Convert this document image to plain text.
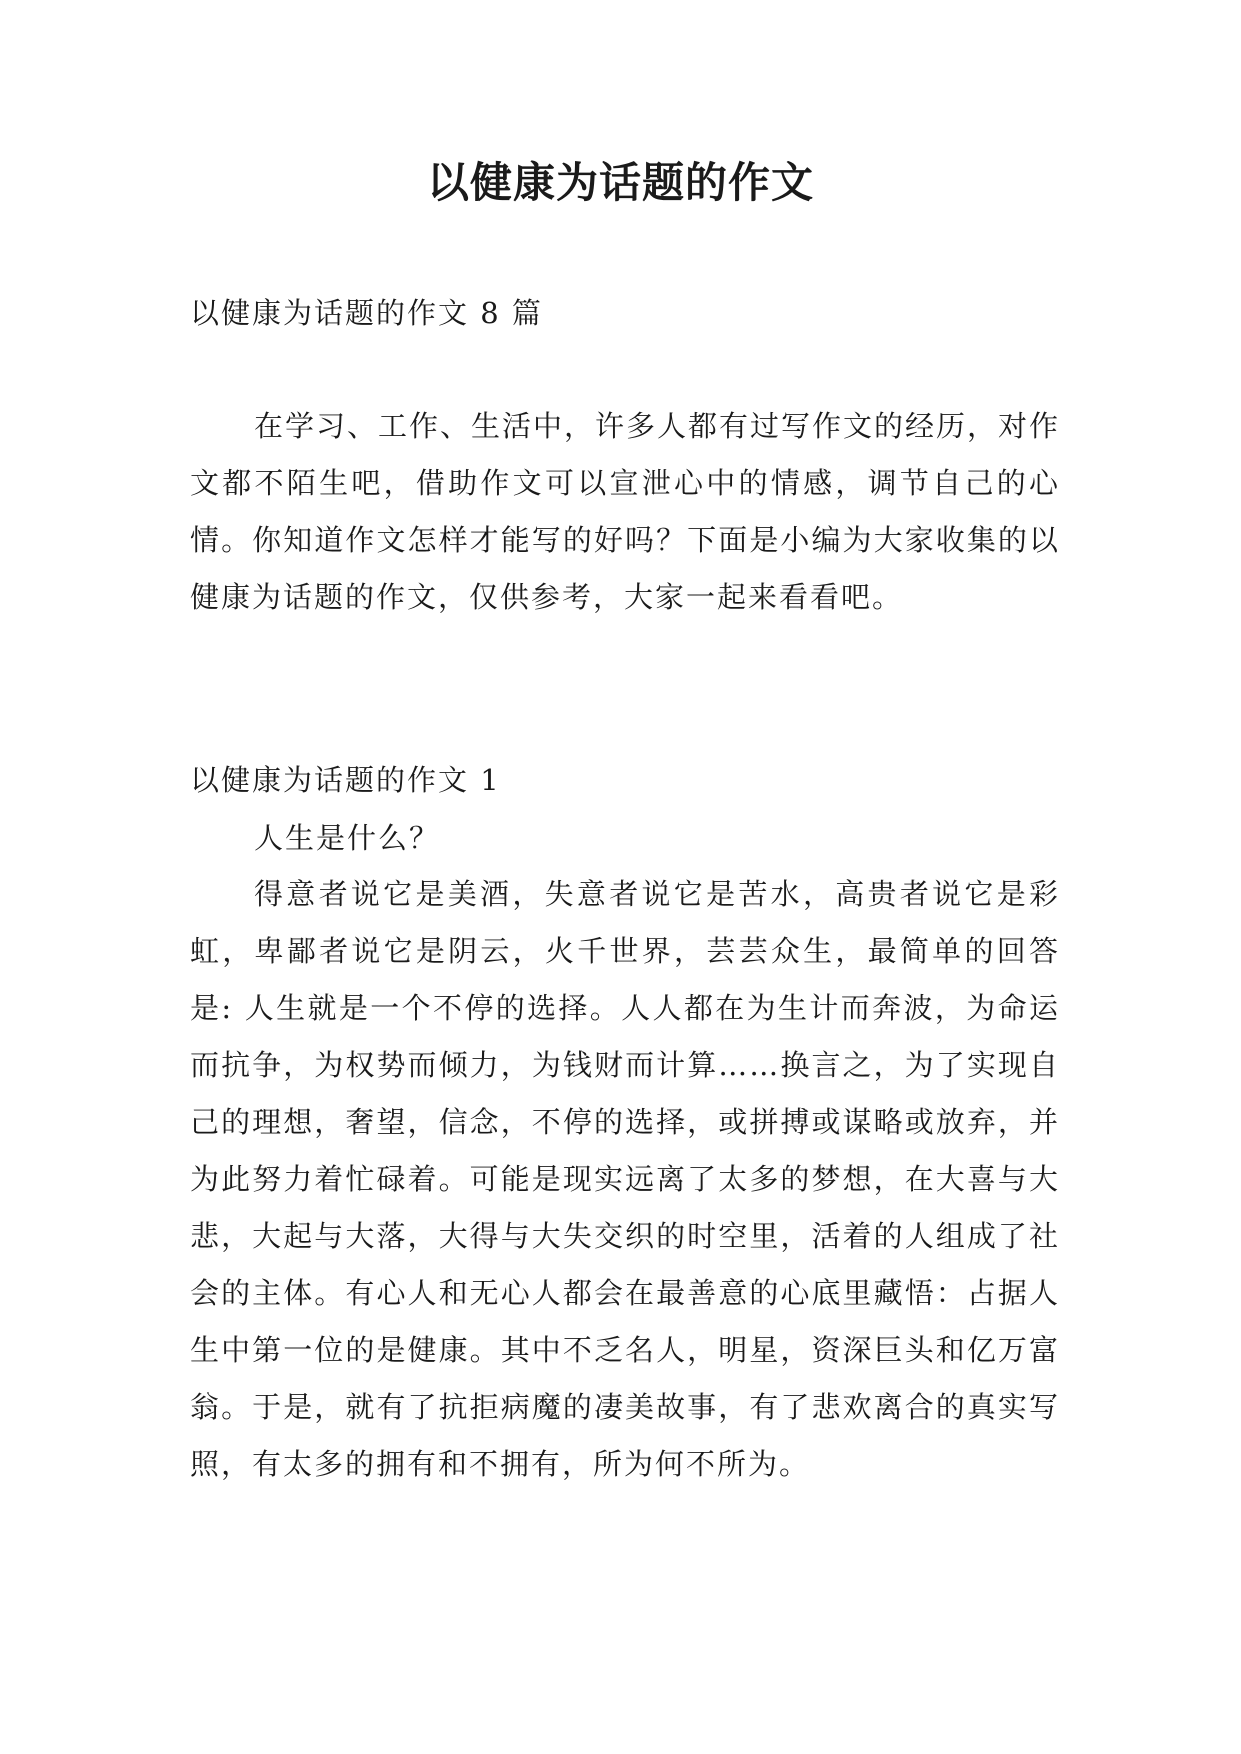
以健康为话题的作文

以健康为话题的作文 8 篇

在学习、工作、生活中，许多人都有过写作文的经历，对作文都不陌生吧，借助作文可以宣泄心中的情感，调节自己的心情。你知道作文怎样才能写的好吗？下面是小编为大家收集的以健康为话题的作文，仅供参考，大家一起来看看吧。

以健康为话题的作文 1

人生是什么？

得意者说它是美酒，失意者说它是苦水，高贵者说它是彩虹，卑鄙者说它是阴云，火千世界，芸芸众生，最简单的回答是: 人生就是一个不停的选择。人人都在为生计而奔波，为命运而抗争，为权势而倾力，为钱财而计算……换言之，为了实现自己的理想，奢望，信念，不停的选择，或拼搏或谋略或放弃，并为此努力着忙碌着。可能是现实远离了太多的梦想，在大喜与大悲，大起与大落，大得与大失交织的时空里，活着的人组成了社会的主体。有心人和无心人都会在最善意的心底里藏悟：占据人生中第一位的是健康。其中不乏名人，明星，资深巨头和亿万富翁。于是，就有了抗拒病魔的凄美故事，有了悲欢离合的真实写照，有太多的拥有和不拥有，所为何不所为。
